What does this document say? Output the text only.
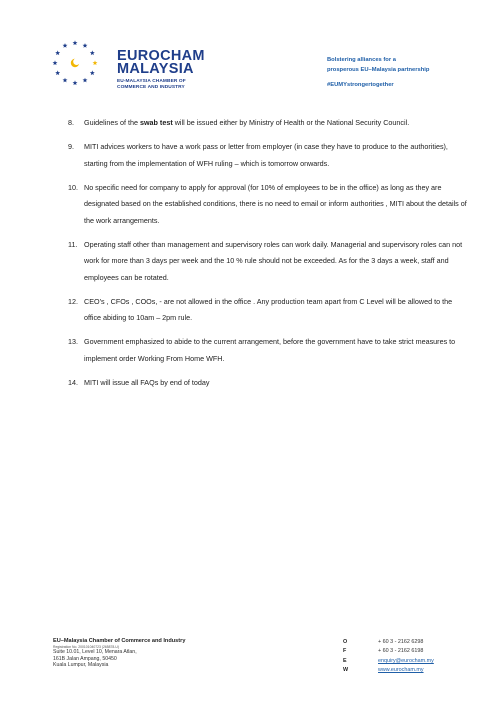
EUROCHAM
MALAYSIA
EU-MALAYSIA CHAMBER OF
COMMERCE AND INDUSTRY
Bolstering alliances for a
prosperous EU–Malaysia partnership
#EUMYstrongertogether
8. Guidelines of the swab test will be issued either by Ministry of Health or the National Security Council.
9. MITI advices workers to have a work pass or letter from employer (in case they have to produce to the authorities), starting from the implementation of WFH ruling – which is tomorrow onwards.
10. No specific need for company to apply for approval (for 10% of employees to be in the office) as long as they are designated based on the established conditions, there is no need to email or inform authorities , MITI about the details of the work arrangements.
11. Operating staff other than management and supervisory roles can work daily. Managerial and supervisory roles can not work for more than 3 days per week and the 10 % rule should not be exceeded. As for the 3 days a week, staff and employees can be rotated.
12. CEO’s , CFOs , COOs, - are not allowed in the office . Any production team apart from C Level will be allowed to the office abiding to 10am – 2pm rule.
13. Government emphasized to abide to the current arrangement, before the government have to take strict measures to implement order Working From Home WFH.
14. MITI will issue all FAQs by end of today
EU–Malaysia Chamber of Commerce and Industry
Registration No. 200101040723 (265878-U)
Suite 10.01, Level 10, Menara Atlan,
161B Jalan Ampang, 50450
Kuala Lumpur, Malaysia
O	+ 60 3 - 2162 6298
F	+ 60 3 - 2162 6198
E	enquiry@eurocham.my
W	www.eurocham.my
